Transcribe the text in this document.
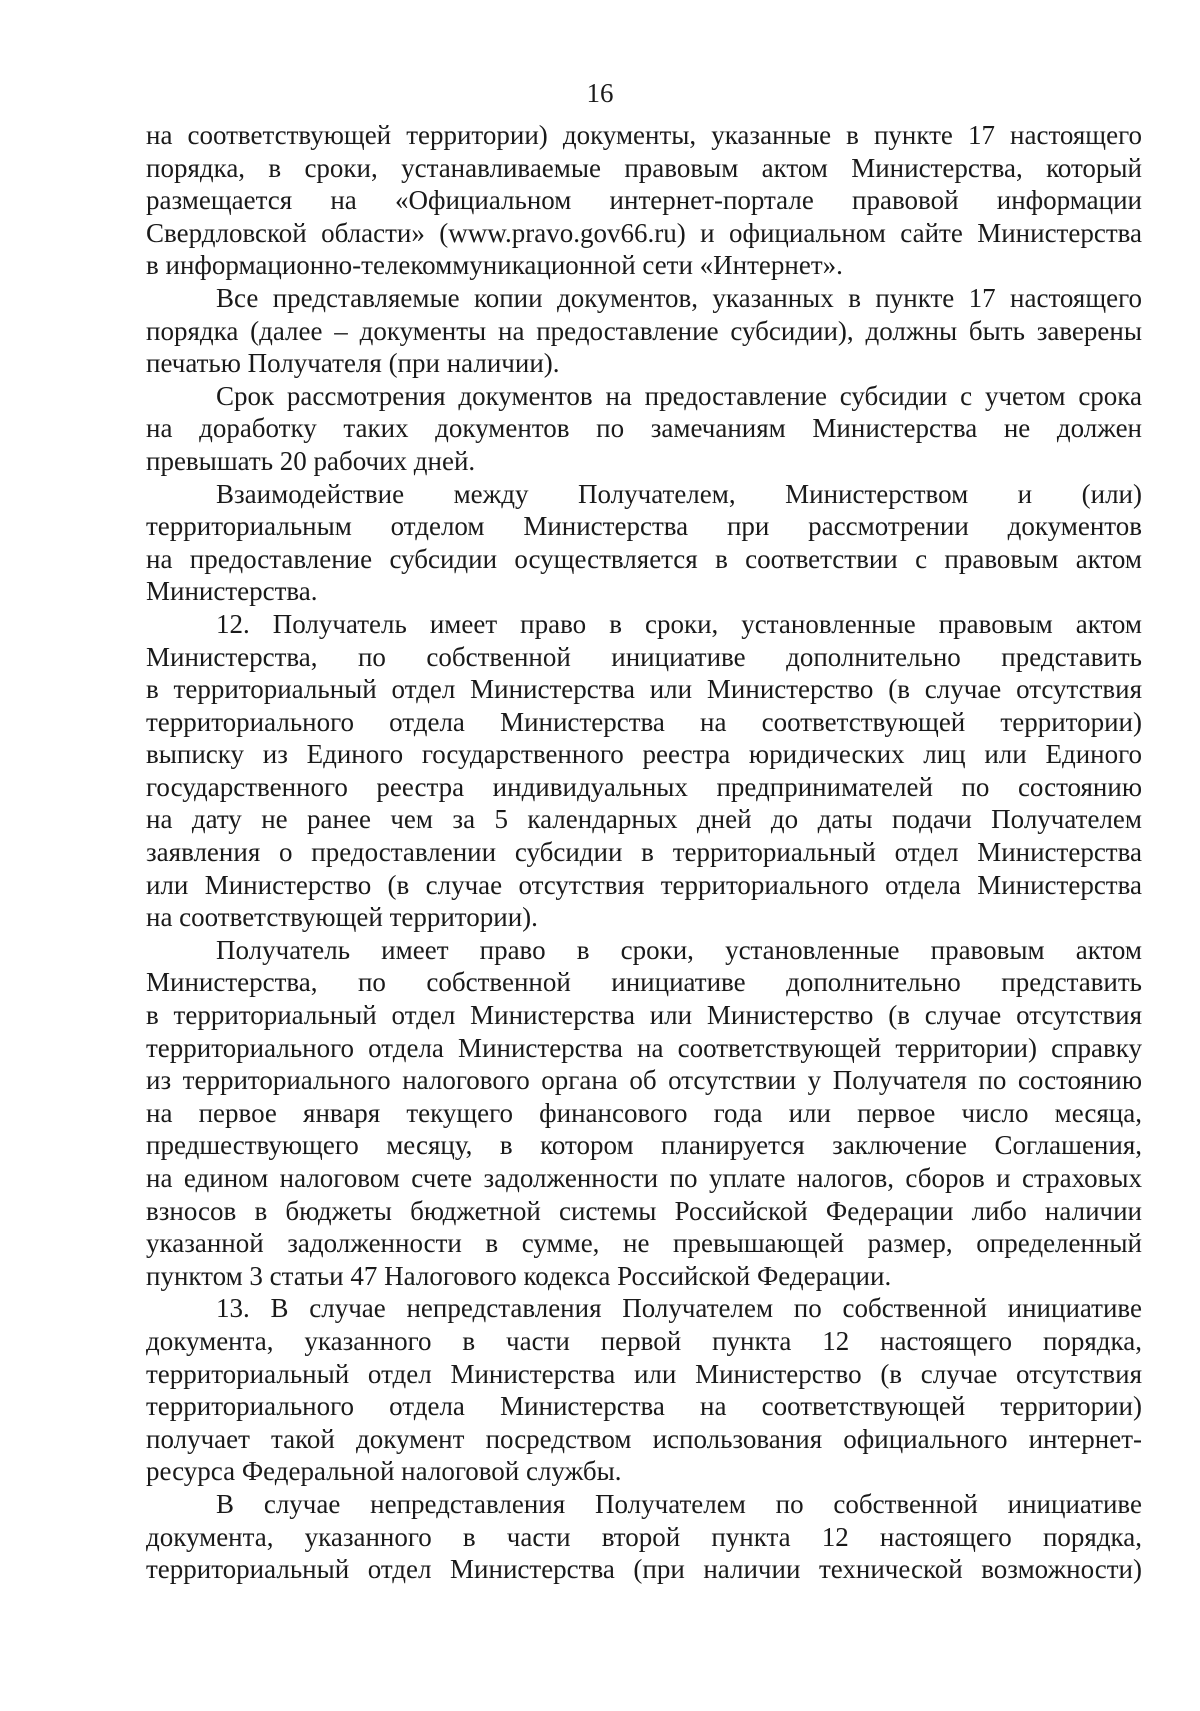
16
на соответствующей территории) документы, указанные в пункте 17 настоящего
порядка, в сроки, устанавливаемые правовым актом Министерства, который
размещается на «Официальном интернет-портале правовой информации
Свердловской области» (www.pravo.gov66.ru) и официальном сайте Министерства
в информационно-телекоммуникационной сети «Интернет».
Все представляемые копии документов, указанных в пункте 17 настоящего
порядка (далее – документы на предоставление субсидии), должны быть заверены
печатью Получателя (при наличии).
Срок рассмотрения документов на предоставление субсидии с учетом срока
на доработку таких документов по замечаниям Министерства не должен
превышать 20 рабочих дней.
Взаимодействие между Получателем, Министерством и (или)
территориальным отделом Министерства при рассмотрении документов
на предоставление субсидии осуществляется в соответствии с правовым актом
Министерства.
12. Получатель имеет право в сроки, установленные правовым актом
Министерства, по собственной инициативе дополнительно представить
в территориальный отдел Министерства или Министерство (в случае отсутствия
территориального отдела Министерства на соответствующей территории)
выписку из Единого государственного реестра юридических лиц или Единого
государственного реестра индивидуальных предпринимателей по состоянию
на дату не ранее чем за 5 календарных дней до даты подачи Получателем
заявления о предоставлении субсидии в территориальный отдел Министерства
или Министерство (в случае отсутствия территориального отдела Министерства
на соответствующей территории).
Получатель имеет право в сроки, установленные правовым актом
Министерства, по собственной инициативе дополнительно представить
в территориальный отдел Министерства или Министерство (в случае отсутствия
территориального отдела Министерства на соответствующей территории) справку
из территориального налогового органа об отсутствии у Получателя по состоянию
на первое января текущего финансового года или первое число месяца,
предшествующего месяцу, в котором планируется заключение Соглашения,
на едином налоговом счете задолженности по уплате налогов, сборов и страховых
взносов в бюджеты бюджетной системы Российской Федерации либо наличии
указанной задолженности в сумме, не превышающей размер, определенный
пунктом 3 статьи 47 Налогового кодекса Российской Федерации.
13. В случае непредставления Получателем по собственной инициативе
документа, указанного в части первой пункта 12 настоящего порядка,
территориальный отдел Министерства или Министерство (в случае отсутствия
территориального отдела Министерства на соответствующей территории)
получает такой документ посредством использования официального интернет-
ресурса Федеральной налоговой службы.
В случае непредставления Получателем по собственной инициативе
документа, указанного в части второй пункта 12 настоящего порядка,
территориальный отдел Министерства (при наличии технической возможности)
